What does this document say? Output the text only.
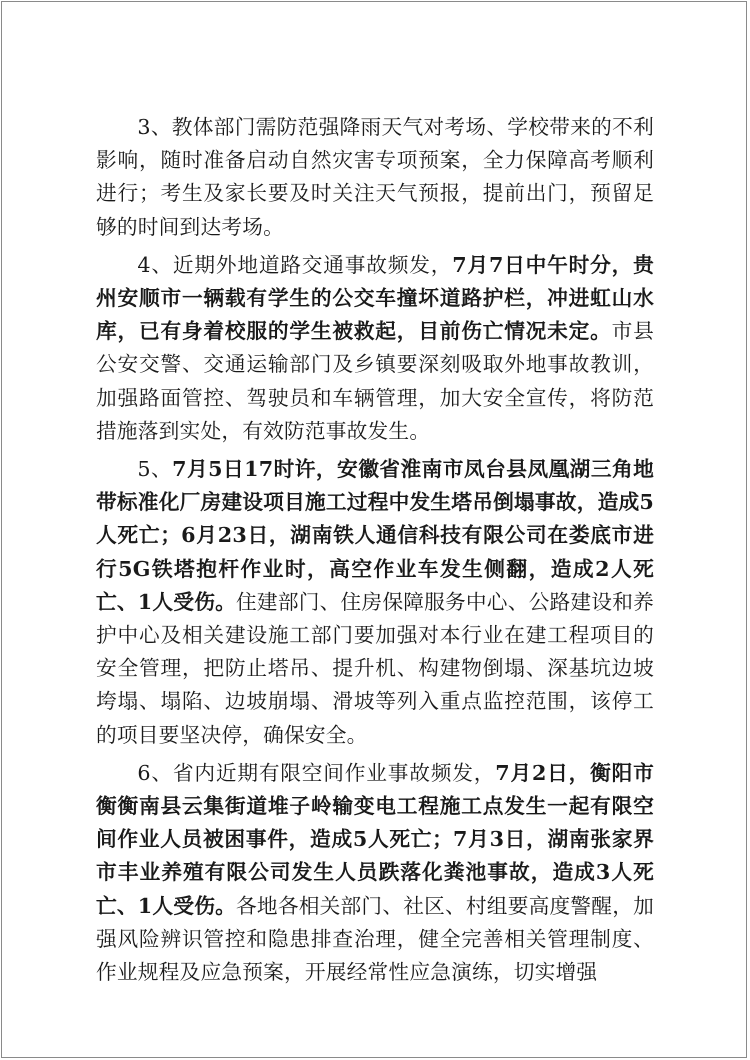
3、教体部门需防范强降雨天气对考场、学校带来的不利影响，随时准备启动自然灾害专项预案，全力保障高考顺利进行；考生及家长要及时关注天气预报，提前出门，预留足够的时间到达考场。

4、近期外地道路交通事故频发，7月7日中午时分，贵州安顺市一辆载有学生的公交车撞坏道路护栏，冲进虹山水库，已有身着校服的学生被救起，目前伤亡情况未定。市县公安交警、交通运输部门及乡镇要深刻吸取外地事故教训，加强路面管控、驾驶员和车辆管理，加大安全宣传，将防范措施落到实处，有效防范事故发生。

5、7月5日17时许，安徽省淮南市凤台县凤凰湖三角地带标准化厂房建设项目施工过程中发生塔吊倒塌事故，造成5人死亡；6月23日，湖南铁人通信科技有限公司在娄底市进行5G铁塔抱杆作业时，高空作业车发生侧翻，造成2人死亡、1人受伤。住建部门、住房保障服务中心、公路建设和养护中心及相关建设施工部门要加强对本行业在建工程项目的安全管理，把防止塔吊、提升机、构建物倒塌、深基坑边坡垮塌、塌陷、边坡崩塌、滑坡等列入重点监控范围，该停工的项目要坚决停，确保安全。

6、省内近期有限空间作业事故频发，7月2日，衡阳市衡衡南县云集街道堆子岭输变电工程施工点发生一起有限空间作业人员被困事件，造成5人死亡；7月3日，湖南张家界市丰业养殖有限公司发生人员跌落化粪池事故，造成3人死亡、1人受伤。各地各相关部门、社区、村组要高度警醒，加强风险辨识管控和隐患排查治理，健全完善相关管理制度、作业规程及应急预案，开展经常性应急演练，切实增强
